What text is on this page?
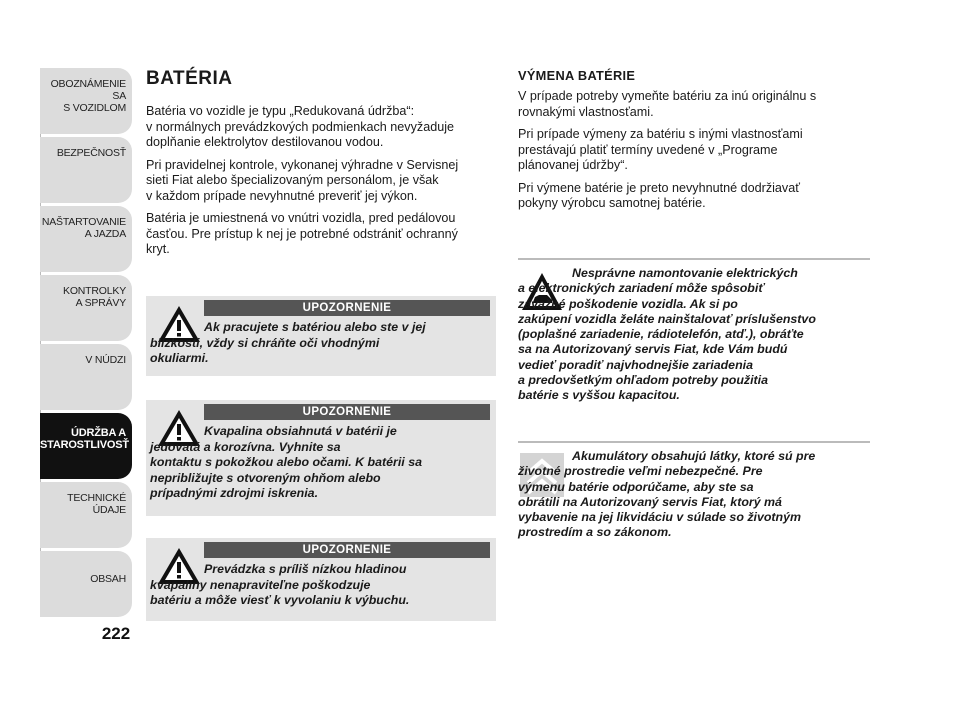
OBOZNÁMENIE SA
S VOZIDLOM
BEZPEČNOSŤ
NAŠTARTOVANIE
A JAZDA
KONTROLKY
A SPRÁVY
V NÚDZI
ÚDRŽBA A
STAROSTLIVOSŤ
TECHNICKÉ
ÚDAJE
OBSAH
222
BATÉRIA

Batéria vo vozidle je typu „Redukovaná údržba“:
v normálnych prevádzkových podmienkach nevyžaduje
doplňanie elektrolytov destilovanou vodou.

Pri pravidelnej kontrole, vykonanej výhradne v Servisnej
sieti Fiat alebo špecializovaným personálom, je však
v každom prípade nevyhnutné preveriť jej výkon.

Batéria je umiestnená vo vnútri vozidla, pred pedálovou
časťou. Pre prístup k nej je potrebné odstrániť ochranný
kryt.

UPOZORNENIE
Ak pracujete s batériou alebo ste v jej
blízkosti, vždy si chráňte oči vhodnými
okuliarmi.
UPOZORNENIE
Kvapalina obsiahnutá v batérii je
jedovatá a korozívna. Vyhnite sa
kontaktu s pokožkou alebo očami. K batérii sa
nepribližujte s otvoreným ohňom alebo
prípadnými zdrojmi iskrenia.
UPOZORNENIE
Prevádzka s príliš nízkou hladinou
kvapaliny nenapraviteľne poškodzuje
batériu a môže viesť k vyvolaniu k výbuchu.
VÝMENA BATÉRIE

V prípade potreby vymeňte batériu za inú originálnu s
rovnakými vlastnosťami.

Pri prípade výmeny za batériu s inými vlastnosťami
prestávajú platiť termíny uvedené v „Programe
plánovanej údržby“.

Pri výmene batérie je preto nevyhnutné dodržiavať
pokyny výrobcu samotnej batérie.

Nesprávne namontovanie elektrických
a elektronických zariadení môže spôsobiť
závažné poškodenie vozidla. Ak si po
zakúpení vozidla želáte nainštalovať príslušenstvo
(poplašné zariadenie, rádiotelefón, atď.), obráťte
sa na Autorizovaný servis Fiat, kde Vám budú
vedieť poradiť najvhodnejšie zariadenia
a predovšetkým ohľadom potreby použitia
batérie s vyššou kapacitou.
Akumulátory obsahujú látky, ktoré sú pre
životné prostredie veľmi nebezpečné. Pre
výmenu batérie odporúčame, aby ste sa
obrátili na Autorizovaný servis Fiat, ktorý má
vybavenie na jej likvidáciu v súlade so životným
prostredím a so zákonom.
